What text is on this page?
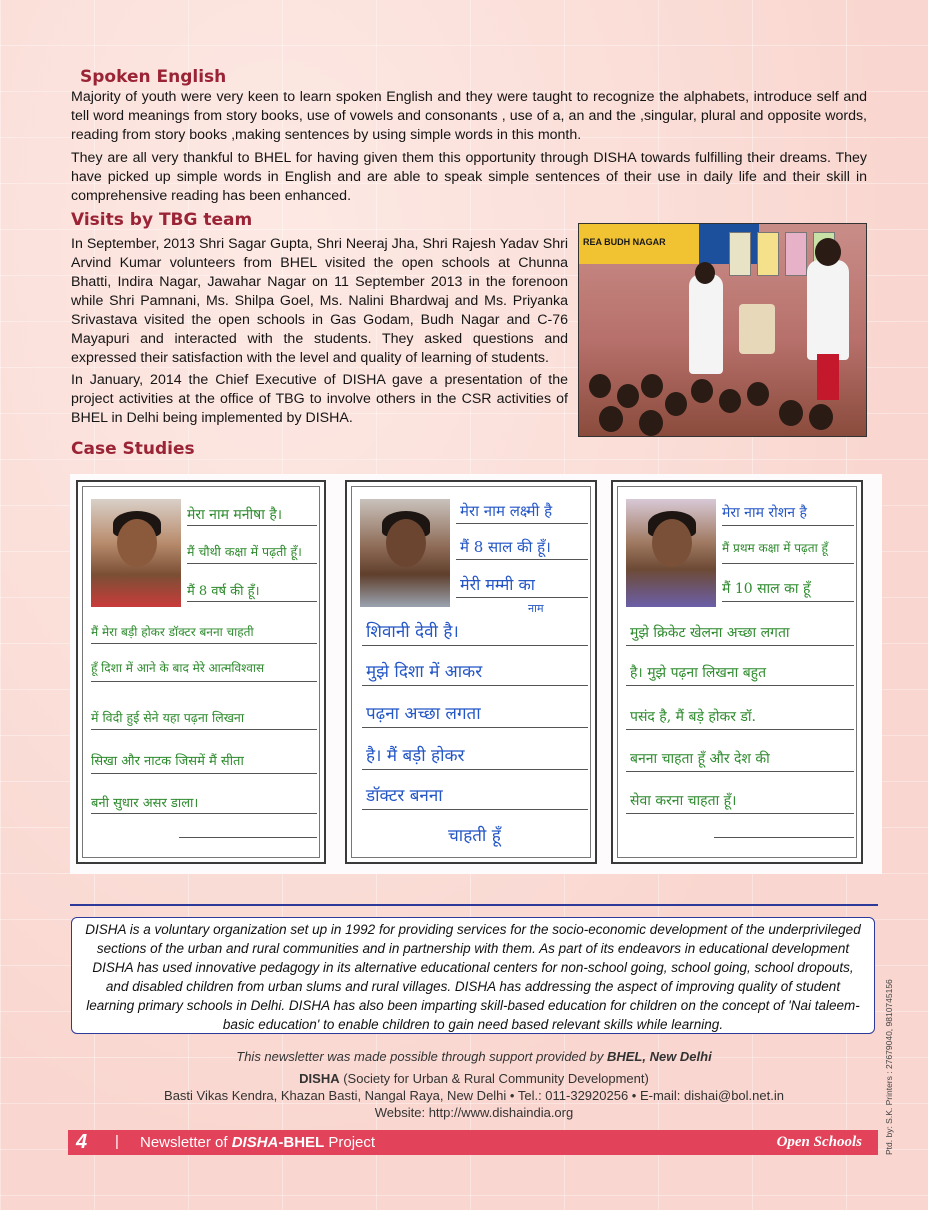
Spoken English

Majority of youth were very keen to learn spoken English and they were taught to recognize the alphabets, introduce self and tell word meanings from story books, use of vowels and consonants , use of a, an and the ,singular, plural and opposite words, reading from story books ,making sentences by using simple words in this month.

They are all very thankful to BHEL for having given them this opportunity through DISHA towards fulfilling their dreams. They have picked up simple words in English and are able to speak simple sentences of their use in daily life and their skill in comprehensive reading has been enhanced.

Visits by TBG team

In September, 2013 Shri Sagar Gupta, Shri Neeraj Jha, Shri Rajesh Yadav Shri Arvind Kumar volunteers from BHEL visited the open schools at Chunna Bhatti, Indira Nagar, Jawahar Nagar on 11 September 2013 in the forenoon while Shri Pamnani, Ms. Shilpa Goel, Ms. Nalini Bhardwaj and Ms. Priyanka Srivastava visited the open schools in Gas Godam, Budh Nagar and C-76 Mayapuri and interacted with the students. They asked questions and expressed their satisfaction with the level and quality of learning of students.

In January, 2014 the Chief Executive of DISHA gave a presentation of the project activities at the office of TBG to involve others in the CSR activities of BHEL in Delhi being implemented by DISHA.

REA BUDH NAGAR
Case Studies
मेरा नाम मनीषा है।
मैं चौथी कक्षा में पढ़ती हूँ।
मैं 8 वर्ष की हूँ।
मैं मेरा बड़ी होकर डॉक्टर बनना चाहती
हूँ दिशा में आने के बाद मेरे आत्मविश्वास
में विदी हुई सेने यहा पढ़ना लिखना
सिखा और नाटक जिसमें मैं सीता
बनी सुधार असर डाला।
मेरा नाम लक्ष्मी है
मैं 8 साल की हूँ।
मेरी मम्मी का
नाम
शिवानी देवी है।
मुझे दिशा में आकर
पढ़ना अच्छा लगता
है। मैं बड़ी होकर
डॉक्टर बनना
चाहती हूँ
मेरा नाम रोशन है
मैं प्रथम कक्षा में पढ़ता हूँ
मैं 10 साल का हूँ
मुझे क्रिकेट खेलना अच्छा लगता
है। मुझे पढ़ना लिखना बहुत
पसंद है, मैं बड़े होकर डॉ.
बनना चाहता हूँ और देश की
सेवा करना चाहता हूँ।
DISHA is a voluntary organization set up in 1992 for providing services for the socio-economic development of the underprivileged sections of the urban and rural communities and in partnership with them. As part of its endeavors in educational development DISHA has used innovative pedagogy in its alternative educational centers for non-school going, school going, school dropouts, and disabled children from urban slums and rural villages. DISHA has addressing the aspect of improving quality of student learning primary schools in Delhi. DISHA has also been imparting skill-based education for children on the concept of 'Nai taleem-basic education' to enable children to gain need based relevant skills while learning.
This newsletter was made possible through support provided by BHEL, New Delhi
DISHA (Society for Urban & Rural Community Development)
Basti Vikas Kendra, Khazan Basti, Nangal Raya, New Delhi • Tel.: 011-32920256 • E-mail: dishai@bol.net.in
Website: http://www.dishaindia.org
4 | Newsletter of DISHA-BHEL Project	Open Schools	Ptd. by: S.K. Printers : 27679040, 9810745156
